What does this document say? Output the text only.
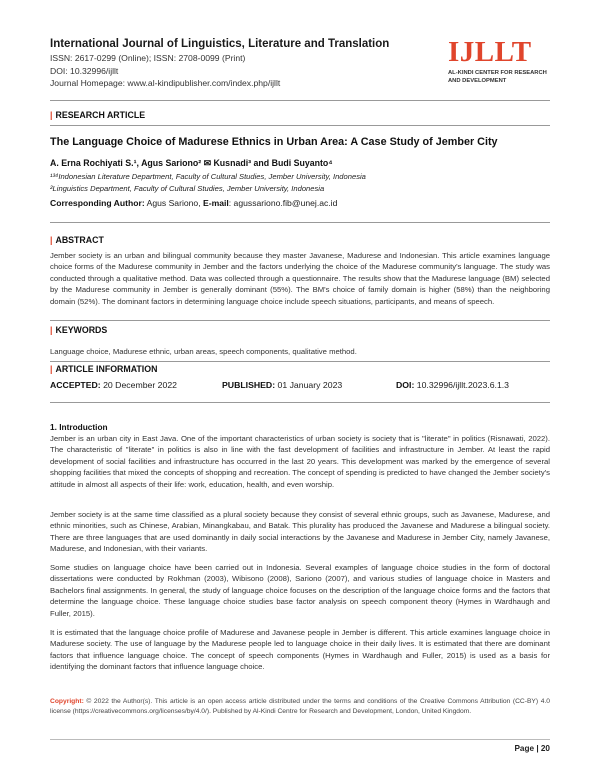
International Journal of Linguistics, Literature and Translation
ISSN: 2617-0299 (Online); ISSN: 2708-0099 (Print)
DOI: 10.32996/ijllt
Journal Homepage: www.al-kindipublisher.com/index.php/ijllt
IJLLT
AL-KINDI CENTER FOR RESEARCH AND DEVELOPMENT
| RESEARCH ARTICLE
The Language Choice of Madurese Ethnics in Urban Area: A Case Study of Jember City
A. Erna Rochiyati S.¹, Agus Sariono² ✉ Kusnadi³ and Budi Suyanto⁴
¹³⁴Indonesian Literature Department, Faculty of Cultural Studies, Jember University, Indonesia
²Linguistics Department, Faculty of Cultural Studies, Jember University, Indonesia
Corresponding Author: Agus Sariono, E-mail: agussariono.fib@unej.ac.id
| ABSTRACT
Jember society is an urban and bilingual community because they master Javanese, Madurese and Indonesian. This article examines language choice forms of the Madurese community in Jember and the factors underlying the choice of the Madurese community's language. The study was conducted through a qualitative method. Data was collected through a questionnaire. The results show that the Madurese language (BM) selected by the Madurese community in Jember is generally dominant (55%). The BM's choice of family domain is higher (58%) than the neighboring domain (52%). The dominant factors in determining language choice include speech situations, participants, and means of speech.
| KEYWORDS
Language choice, Madurese ethnic, urban areas, speech components, qualitative method.
| ARTICLE INFORMATION
ACCEPTED: 20 December 2022	PUBLISHED: 01 January 2023	DOI: 10.32996/ijllt.2023.6.1.3
1. Introduction
Jember is an urban city in East Java. One of the important characteristics of urban society is society that is "literate" in politics (Risnawati, 2022). The characteristic of "literate" in politics is also in line with the fast development of facilities and infrastructure in Jember. At least the rapid development of social facilities and infrastructure has occurred in the last 20 years. This development was marked by the emergence of several shopping facilities that mixed the concepts of shopping and recreation. The concept of spending is predicted to have changed the Jember society's attitude in almost all aspects of their life: work, education, health, and even worship.
Jember society is at the same time classified as a plural society because they consist of several ethnic groups, such as Javanese, Madurese, and ethnic minorities, such as Chinese, Arabian, Minangkabau, and Batak. This plurality has produced the Javanese and Madurese a bilingual society. There are three languages that are used dominantly in daily social interactions by the Javanese and Madurese in Jember City, namely Javanese, Madurese, and Indonesian, with their variants.
Some studies on language choice have been carried out in Indonesia. Several examples of language choice studies in the form of doctoral dissertations were conducted by Rokhman (2003), Wibisono (2008), Sariono (2007), and various studies of language choice in Masters and Bachelors final assignments. In general, the study of language choice focuses on the description of the language choice forms and the factors that determine the language choice. These language choice studies base factor analysis on speech component theory (Hymes in Wardhaugh and Fuller, 2015).
It is estimated that the language choice profile of Madurese and Javanese people in Jember is different. This article examines language choice in Madurese society. The use of language by the Madurese people led to language choice in their daily lives. It is estimated that there are dominant factors that influence language choice. The concept of speech components (Hymes in Wardhaugh and Fuller, 2015) is used as a basis for identifying the dominant factors that influence language choice.
Copyright: © 2022 the Author(s). This article is an open access article distributed under the terms and conditions of the Creative Commons Attribution (CC-BY) 4.0 license (https://creativecommons.org/licenses/by/4.0/). Published by Al-Kindi Centre for Research and Development, London, United Kingdom.
Page | 20
